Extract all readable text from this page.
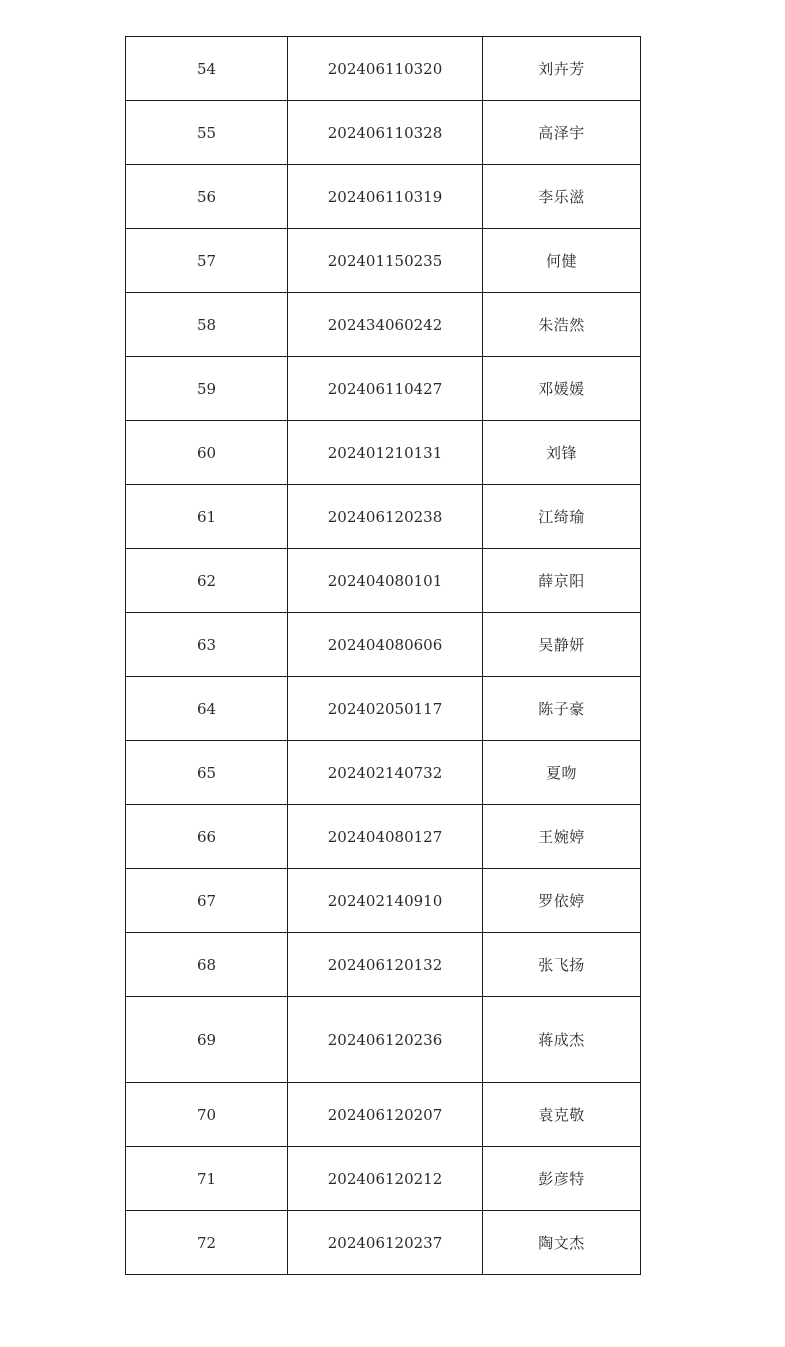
54	202406110320	刘卉芳
55	202406110328	高泽宇
56	202406110319	李乐滋
57	202401150235	何健
58	202434060242	朱浩然
59	202406110427	邓媛媛
60	202401210131	刘锋
61	202406120238	江绮瑜
62	202404080101	薛京阳
63	202404080606	吴静妍
64	202402050117	陈子豪
65	202402140732	夏吻
66	202404080127	王婉婷
67	202402140910	罗依婷
68	202406120132	张飞扬
69	202406120236	蒋成杰
70	202406120207	袁克敬
71	202406120212	彭彦特
72	202406120237	陶文杰
